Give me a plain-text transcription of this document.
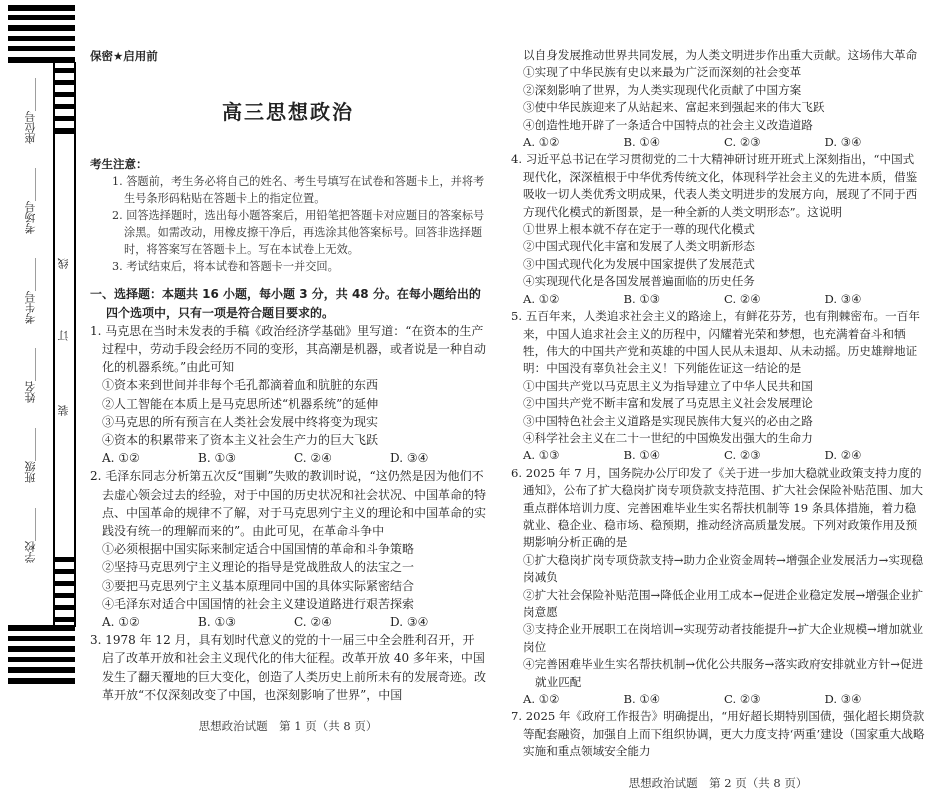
座位号＿＿＿
考场号＿＿＿
考生号＿＿＿
姓名＿＿＿
班级＿＿＿
学校＿＿＿
线
订
装
保密★启用前
高三思想政治
考生注意：
1. 答题前，考生务必将自己的姓名、考生号填写在试卷和答题卡上，并将考生号条形码粘贴在答题卡上的指定位置。
2. 回答选择题时，选出每小题答案后，用铅笔把答题卡对应题目的答案标号涂黑。如需改动，用橡皮擦干净后，再选涂其他答案标号。回答非选择题时，将答案写在答题卡上。写在本试卷上无效。
3. 考试结束后，将本试卷和答题卡一并交回。
一、选择题：本题共 16 小题，每小题 3 分，共 48 分。在每小题给出的四个选项中，只有一项是符合题目要求的。
1. 马克思在当时未发表的手稿《政治经济学基础》里写道：“在资本的生产过程中，劳动手段会经历不同的变形，其高潮是机器，或者说是一种自动化的机器系统。”由此可知
①资本来到世间并非每个毛孔都滴着血和肮脏的东西
②人工智能在本质上是马克思所述“机器系统”的延伸
③马克思的所有预言在人类社会发展中终将变为现实
④资本的积累带来了资本主义社会生产力的巨大飞跃
A. ①②	B. ①③	C. ②④	D. ③④
2. 毛泽东同志分析第五次反“围剿”失败的教训时说，“这仍然是因为他们不去虚心领会过去的经验，对于中国的历史状况和社会状况、中国革命的特点、中国革命的规律不了解，对于马克思列宁主义的理论和中国革命的实践没有统一的理解而来的”。由此可见，在革命斗争中
①必须根据中国实际来制定适合中国国情的革命和斗争策略
②坚持马克思列宁主义理论的指导是党战胜敌人的法宝之一
③要把马克思列宁主义基本原理同中国的具体实际紧密结合
④毛泽东对适合中国国情的社会主义建设道路进行艰苦探索
A. ①②	B. ①③	C. ②④	D. ③④
3. 1978 年 12 月，具有划时代意义的党的十一届三中全会胜利召开，开启了改革开放和社会主义现代化的伟大征程。改革开放 40 多年来，中国发生了翻天覆地的巨大变化，创造了人类历史上前所未有的发展奇迹。改革开放“不仅深刻改变了中国，也深刻影响了世界”，中国
思想政治试题　第 1 页（共 8 页）
以自身发展推动世界共同发展，为人类文明进步作出重大贡献。这场伟大革命
①实现了中华民族有史以来最为广泛而深刻的社会变革
②深刻影响了世界，为人类实现现代化贡献了中国方案
③使中华民族迎来了从站起来、富起来到强起来的伟大飞跃
④创造性地开辟了一条适合中国特点的社会主义改造道路
A. ①②	B. ①④	C. ②③	D. ③④
4. 习近平总书记在学习贯彻党的二十大精神研讨班开班式上深刻指出，“中国式现代化，深深植根于中华优秀传统文化，体现科学社会主义的先进本质，借鉴吸收一切人类优秀文明成果，代表人类文明进步的发展方向，展现了不同于西方现代化模式的新图景，是一种全新的人类文明形态”。这说明
①世界上根本就不存在定于一尊的现代化模式
②中国式现代化丰富和发展了人类文明新形态
③中国式现代化为发展中国家提供了发展范式
④实现现代化是各国发展普遍面临的历史任务
A. ①②	B. ①③	C. ②④	D. ③④
5. 五百年来，人类追求社会主义的路途上，有鲜花芬芳，也有荆棘密布。一百年来，中国人追求社会主义的历程中，闪耀着光荣和梦想，也充满着奋斗和牺牲，伟大的中国共产党和英雄的中国人民从未退却、从未动摇。历史雄辩地证明：中国没有辜负社会主义！下列能佐证这一结论的是
①中国共产党以马克思主义为指导建立了中华人民共和国
②中国共产党不断丰富和发展了马克思主义社会发展理论
③中国特色社会主义道路是实现民族伟大复兴的必由之路
④科学社会主义在二十一世纪的中国焕发出强大的生命力
A. ①③	B. ①④	C. ②③	D. ②④
6. 2025 年 7 月，国务院办公厅印发了《关于进一步加大稳就业政策支持力度的通知》，公布了扩大稳岗扩岗专项贷款支持范围、扩大社会保险补贴范围、加大重点群体培训力度、完善困难毕业生实名帮扶机制等 19 条具体措施，着力稳就业、稳企业、稳市场、稳预期，推动经济高质量发展。下列对政策作用及预期影响分析正确的是
①扩大稳岗扩岗专项贷款支持→助力企业资金周转→增强企业发展活力→实现稳岗减负
②扩大社会保险补贴范围→降低企业用工成本→促进企业稳定发展→增强企业扩岗意愿
③支持企业开展职工在岗培训→实现劳动者技能提升→扩大企业规模→增加就业岗位
④完善困难毕业生实名帮扶机制→优化公共服务→落实政府安排就业方针→促进就业匹配
A. ①②	B. ①④	C. ②③	D. ③④
7. 2025 年《政府工作报告》明确提出，“用好超长期特别国债，强化超长期贷款等配套融资，加强自上而下组织协调，更大力度支持‘两重’建设（国家重大战略实施和重点领域安全能力
思想政治试题　第 2 页（共 8 页）
